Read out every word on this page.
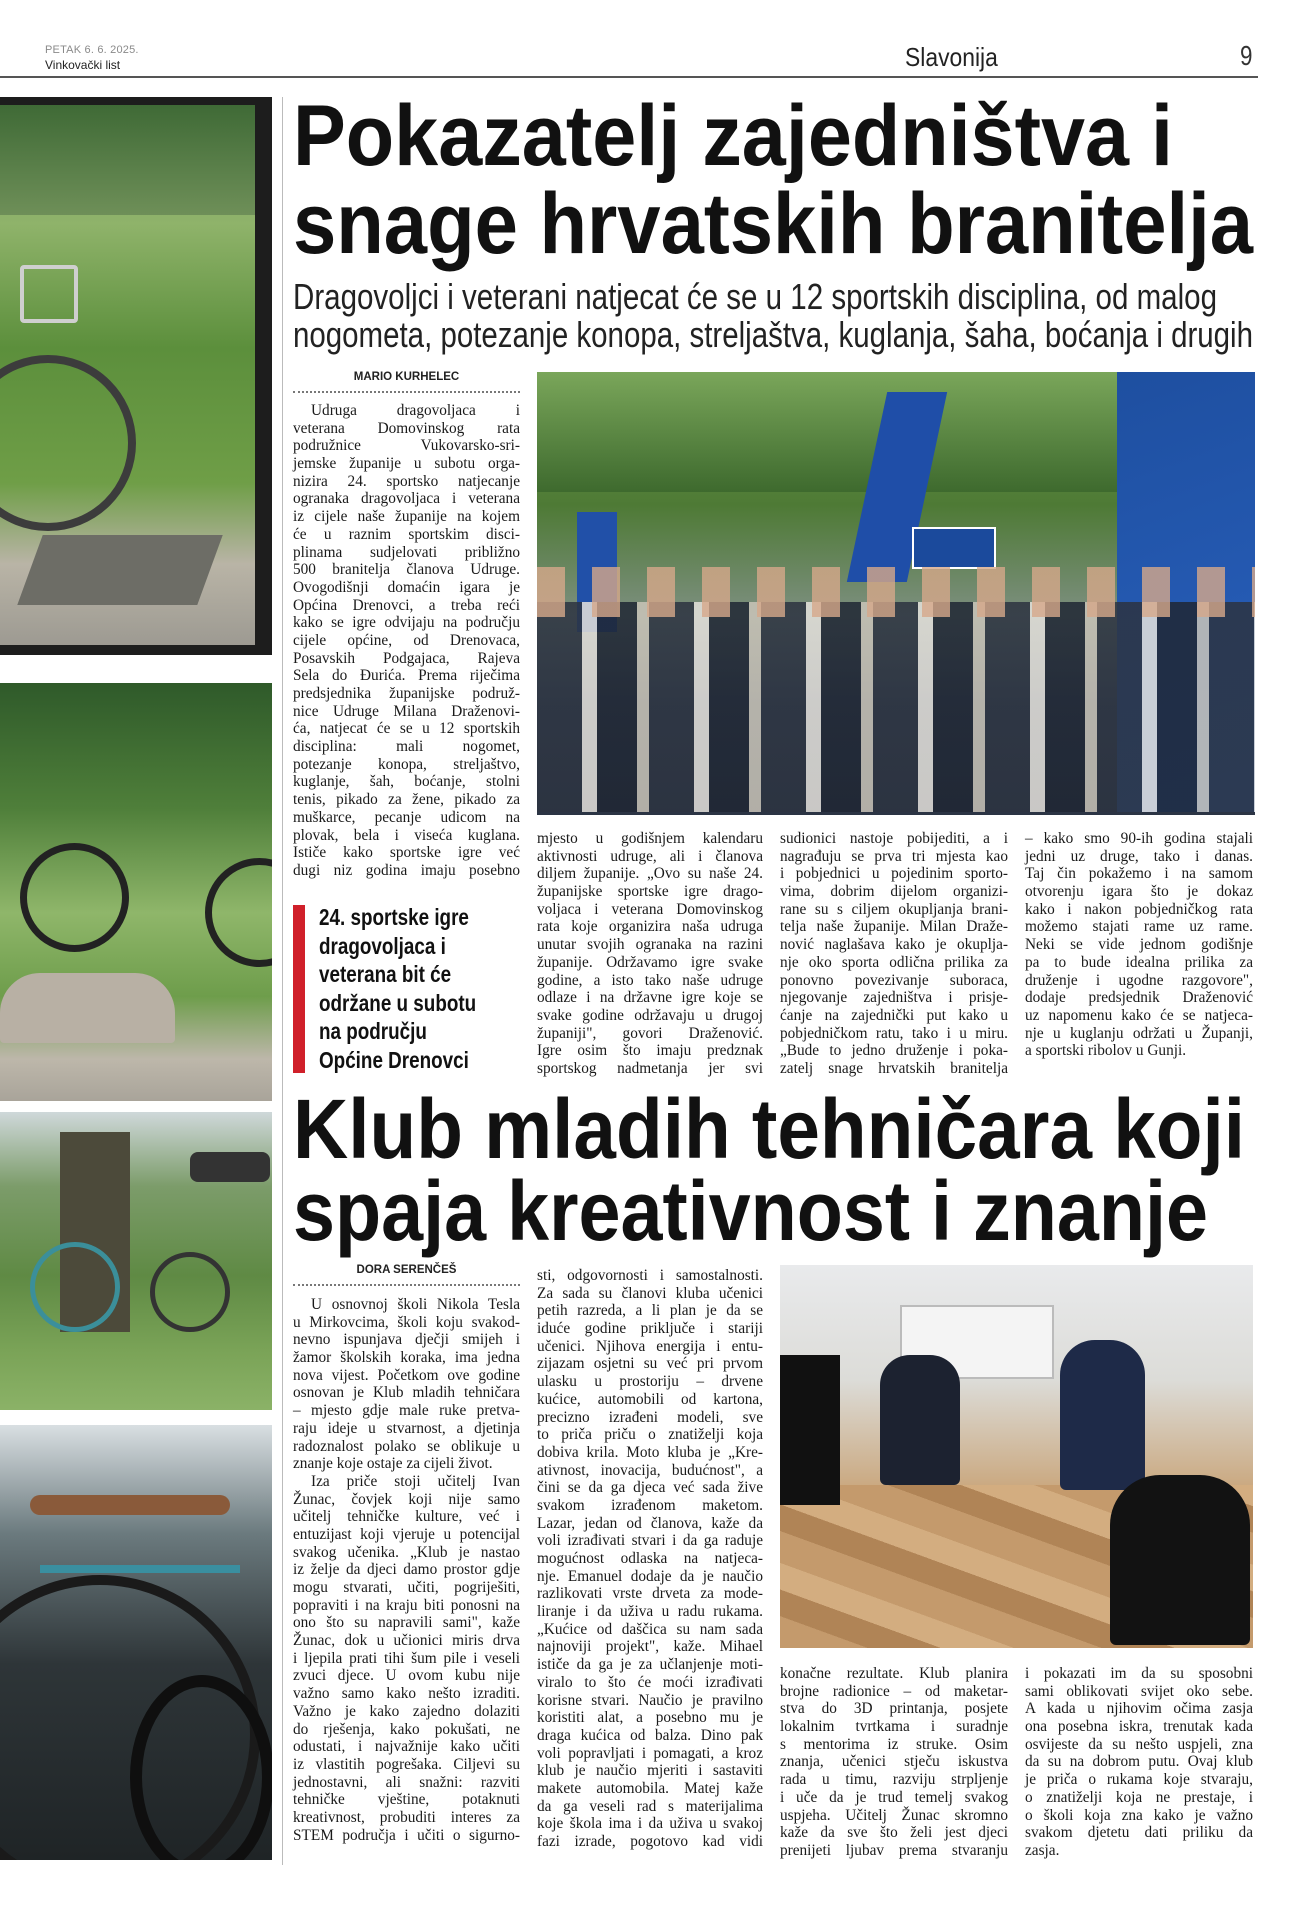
PETAK 6. 6. 2025.
Vinkovački list	Slavonija	9
Pokazatelj zajedništva i
snage hrvatskih branitelja
Dragovoljci i veterani natjecat će se u 12 sportskih disciplina, od malog
nogometa, potezanje konopa, streljaštva, kuglanja, šaha, boćanja i drugih
MARIO KURHELEC
Udruga dragovoljaca i
veterana Domovinskog rata
podružnice Vukovarsko-sri-
jemske županije u subotu orga-
nizira 24. sportsko natjecanje
ogranaka dragovoljaca i veterana
iz cijele naše županije na kojem
će u raznim sportskim disci-
plinama sudjelovati približno
500 branitelja članova Udruge.
Ovogodišnji domaćin igara je
Općina Drenovci, a treba reći
kako se igre odvijaju na području
cijele općine, od Drenovaca,
Posavskih Podgajaca, Rajeva
Sela do Đurića. Prema riječima
predsjednika županijske podruž-
nice Udruge Milana Draženovi-
ća, natjecat će se u 12 sportskih
disciplina: mali nogomet,
potezanje konopa, streljaštvo,
kuglanje, šah, boćanje, stolni
tenis, pikado za žene, pikado za
muškarce, pecanje udicom na
plovak, bela i viseća kuglana.
Ističe kako sportske igre već
dugi niz godina imaju posebno
mjesto u godišnjem kalendaru
aktivnosti udruge, ali i članova
diljem županije. „Ovo su naše 24.
županijske sportske igre drago-
voljaca i veterana Domovinskog
rata koje organizira naša udruga
unutar svojih ogranaka na razini
županije. Održavamo igre svake
godine, a isto tako naše udruge
odlaze i na državne igre koje se
svake godine održavaju u drugoj
županiji", govori Draženović.
Igre osim što imaju predznak
sportskog nadmetanja jer svi
sudionici nastoje pobijediti, a i
nagrađuju se prva tri mjesta kao
i pobjednici u pojedinim sporto-
vima, dobrim dijelom organizi-
rane su s ciljem okupljanja brani-
telja naše županije. Milan Draže-
nović naglašava kako je okuplja-
nje oko sporta odlična prilika za
ponovno povezivanje suboraca,
njegovanje zajedništva i prisje-
ćanje na zajednički put kako u
pobjedničkom ratu, tako i u miru.
„Bude to jedno druženje i poka-
zatelj snage hrvatskih branitelja
– kako smo 90-ih godina stajali
jedni uz druge, tako i danas.
Taj čin pokažemo i na samom
otvorenju igara što je dokaz
kako i nakon pobjedničkog rata
možemo stajati rame uz rame.
Neki se vide jednom godišnje
pa to bude idealna prilika za
druženje i ugodne razgovore",
dodaje predsjednik Draženović
uz napomenu kako će se natjeca-
nje u kuglanju održati u Županji,
a sportski ribolov u Gunji.
24. sportske igre
dragovoljaca i
veterana bit će
održane u subotu
na području
Općine Drenovci
Klub mladih tehničara koji
spaja kreativnost i znanje
DORA SERENČEŠ
U osnovnoj školi Nikola Tesla
u Mirkovcima, školi koju svakod-
nevno ispunjava dječji smijeh i
žamor školskih koraka, ima jedna
nova vijest. Početkom ove godine
osnovan je Klub mladih tehničara
– mjesto gdje male ruke pretva-
raju ideje u stvarnost, a djetinja
radoznalost polako se oblikuje u
znanje koje ostaje za cijeli život.
Iza priče stoji učitelj Ivan
Žunac, čovjek koji nije samo
učitelj tehničke kulture, već i
entuzijast koji vjeruje u potencijal
svakog učenika. „Klub je nastao
iz želje da djeci damo prostor gdje
mogu stvarati, učiti, pogriješiti,
popraviti i na kraju biti ponosni na
ono što su napravili sami", kaže
Žunac, dok u učionici miris drva
i ljepila prati tihi šum pile i veseli
zvuci djece. U ovom kubu nije
važno samo kako nešto izraditi.
Važno je kako zajedno dolaziti
do rješenja, kako pokušati, ne
odustati, i najvažnije kako učiti
iz vlastitih pogrešaka. Ciljevi su
jednostavni, ali snažni: razviti
tehničke vještine, potaknuti
kreativnost, probuditi interes za
STEM područja i učiti o sigurno-
sti, odgovornosti i samostalnosti.
Za sada su članovi kluba učenici
petih razreda, a li plan je da se
iduće godine priključe i stariji
učenici. Njihova energija i entu-
zijazam osjetni su već pri prvom
ulasku u prostoriju – drvene
kućice, automobili od kartona,
precizno izrađeni modeli, sve
to priča priču o znatiželji koja
dobiva krila. Moto kluba je „Kre-
ativnost, inovacija, budućnost", a
čini se da ga djeca već sada žive
svakom izrađenom maketom.
Lazar, jedan od članova, kaže da
voli izrađivati stvari i da ga raduje
mogućnost odlaska na natjeca-
nje. Emanuel dodaje da je naučio
razlikovati vrste drveta za mode-
liranje i da uživa u radu rukama.
„Kućice od daščica su nam sada
najnoviji projekt", kaže. Mihael
ističe da ga je za učlanjenje moti-
viralo to što će moći izrađivati
korisne stvari. Naučio je pravilno
koristiti alat, a posebno mu je
draga kućica od balza. Dino pak
voli popravljati i pomagati, a kroz
klub je naučio mjeriti i sastaviti
makete automobila. Matej kaže
da ga veseli rad s materijalima
koje škola ima i da uživa u svakoj
fazi izrade, pogotovo kad vidi
konačne rezultate. Klub planira
brojne radionice – od maketar-
stva do 3D printanja, posjete
lokalnim tvrtkama i suradnje
s mentorima iz struke. Osim
znanja, učenici stječu iskustva
rada u timu, razviju strpljenje
i uče da je trud temelj svakog
uspjeha. Učitelj Žunac skromno
kaže da sve što želi jest djeci
prenijeti ljubav prema stvaranju
i pokazati im da su sposobni
sami oblikovati svijet oko sebe.
A kada u njihovim očima zasja
ona posebna iskra, trenutak kada
osvijeste da su nešto uspjeli, zna
da su na dobrom putu. Ovaj klub
je priča o rukama koje stvaraju,
o znatiželji koja ne prestaje, i
o školi koja zna kako je važno
svakom djetetu dati priliku da
zasja.
